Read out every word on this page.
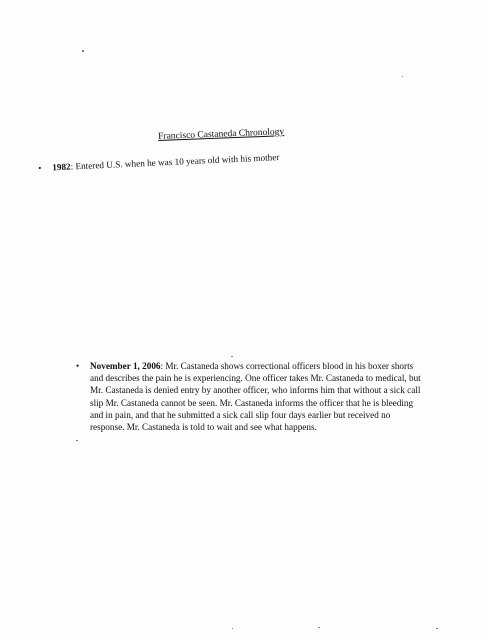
Francisco Castaneda Chronology
• 1982: Entered U.S. when he was 10 years old with his mother
• November 1, 2006: Mr. Castaneda shows correctional officers blood in his boxer shorts and describes the pain he is experiencing. One officer takes Mr. Castaneda to medical, but Mr. Castaneda is denied entry by another officer, who informs him that without a sick call slip Mr. Castaneda cannot be seen. Mr. Castaneda informs the officer that he is bleeding and in pain, and that he submitted a sick call slip four days earlier but received no response. Mr. Castaneda is told to wait and see what happens.
